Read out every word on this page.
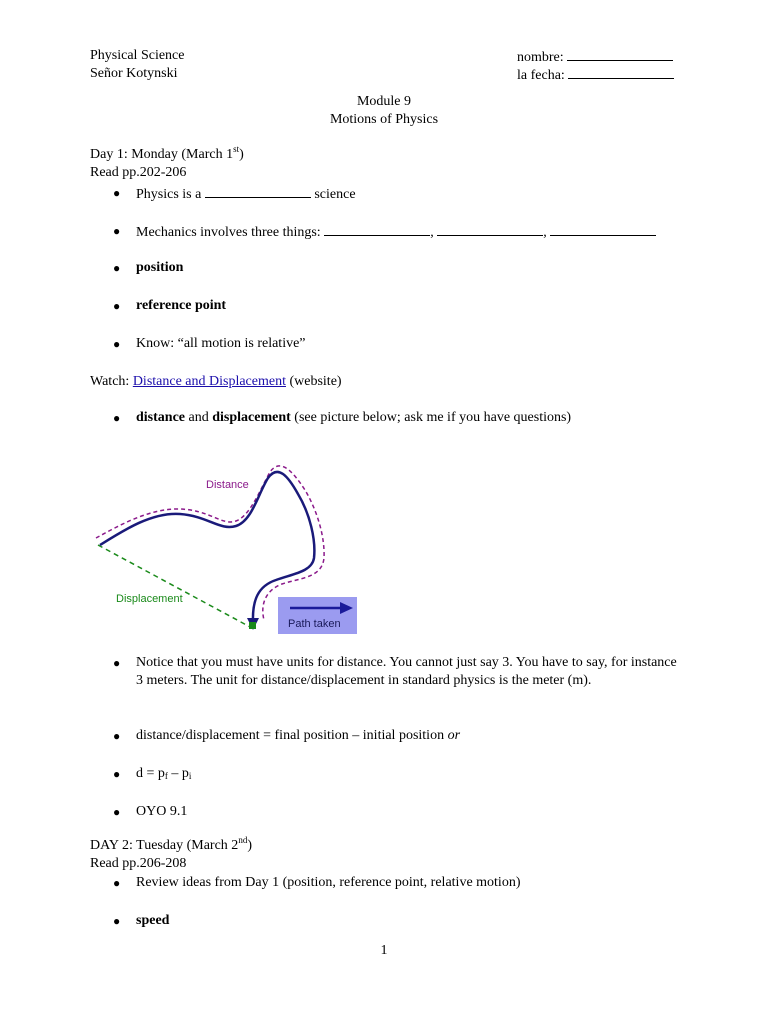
Physical Science
Señor Kotynski
nombre:
la fecha:
Module 9
Motions of Physics
Day 1: Monday (March 1st)
Read pp.202-206
● Physics is a	science
● Mechanics involves three things:	,	,
● position
● reference point
● Know: “all motion is relative”
Watch: Distance and Displacement (website)
● distance and displacement (see picture below; ask me if you have questions)
Path taken
Distance
Displacement
● Notice that you must have units for distance. You cannot just say 3. You have to say, for instance 3 meters. The unit for distance/displacement in standard physics is the meter (m).
● distance/displacement = final position – initial position or
● $d = p_f - p_i$
● OYO 9.1
DAY 2: Tuesday (March 2nd)
Read pp.206-208
● Review ideas from Day 1 (position, reference point, relative motion)
● speed
1
